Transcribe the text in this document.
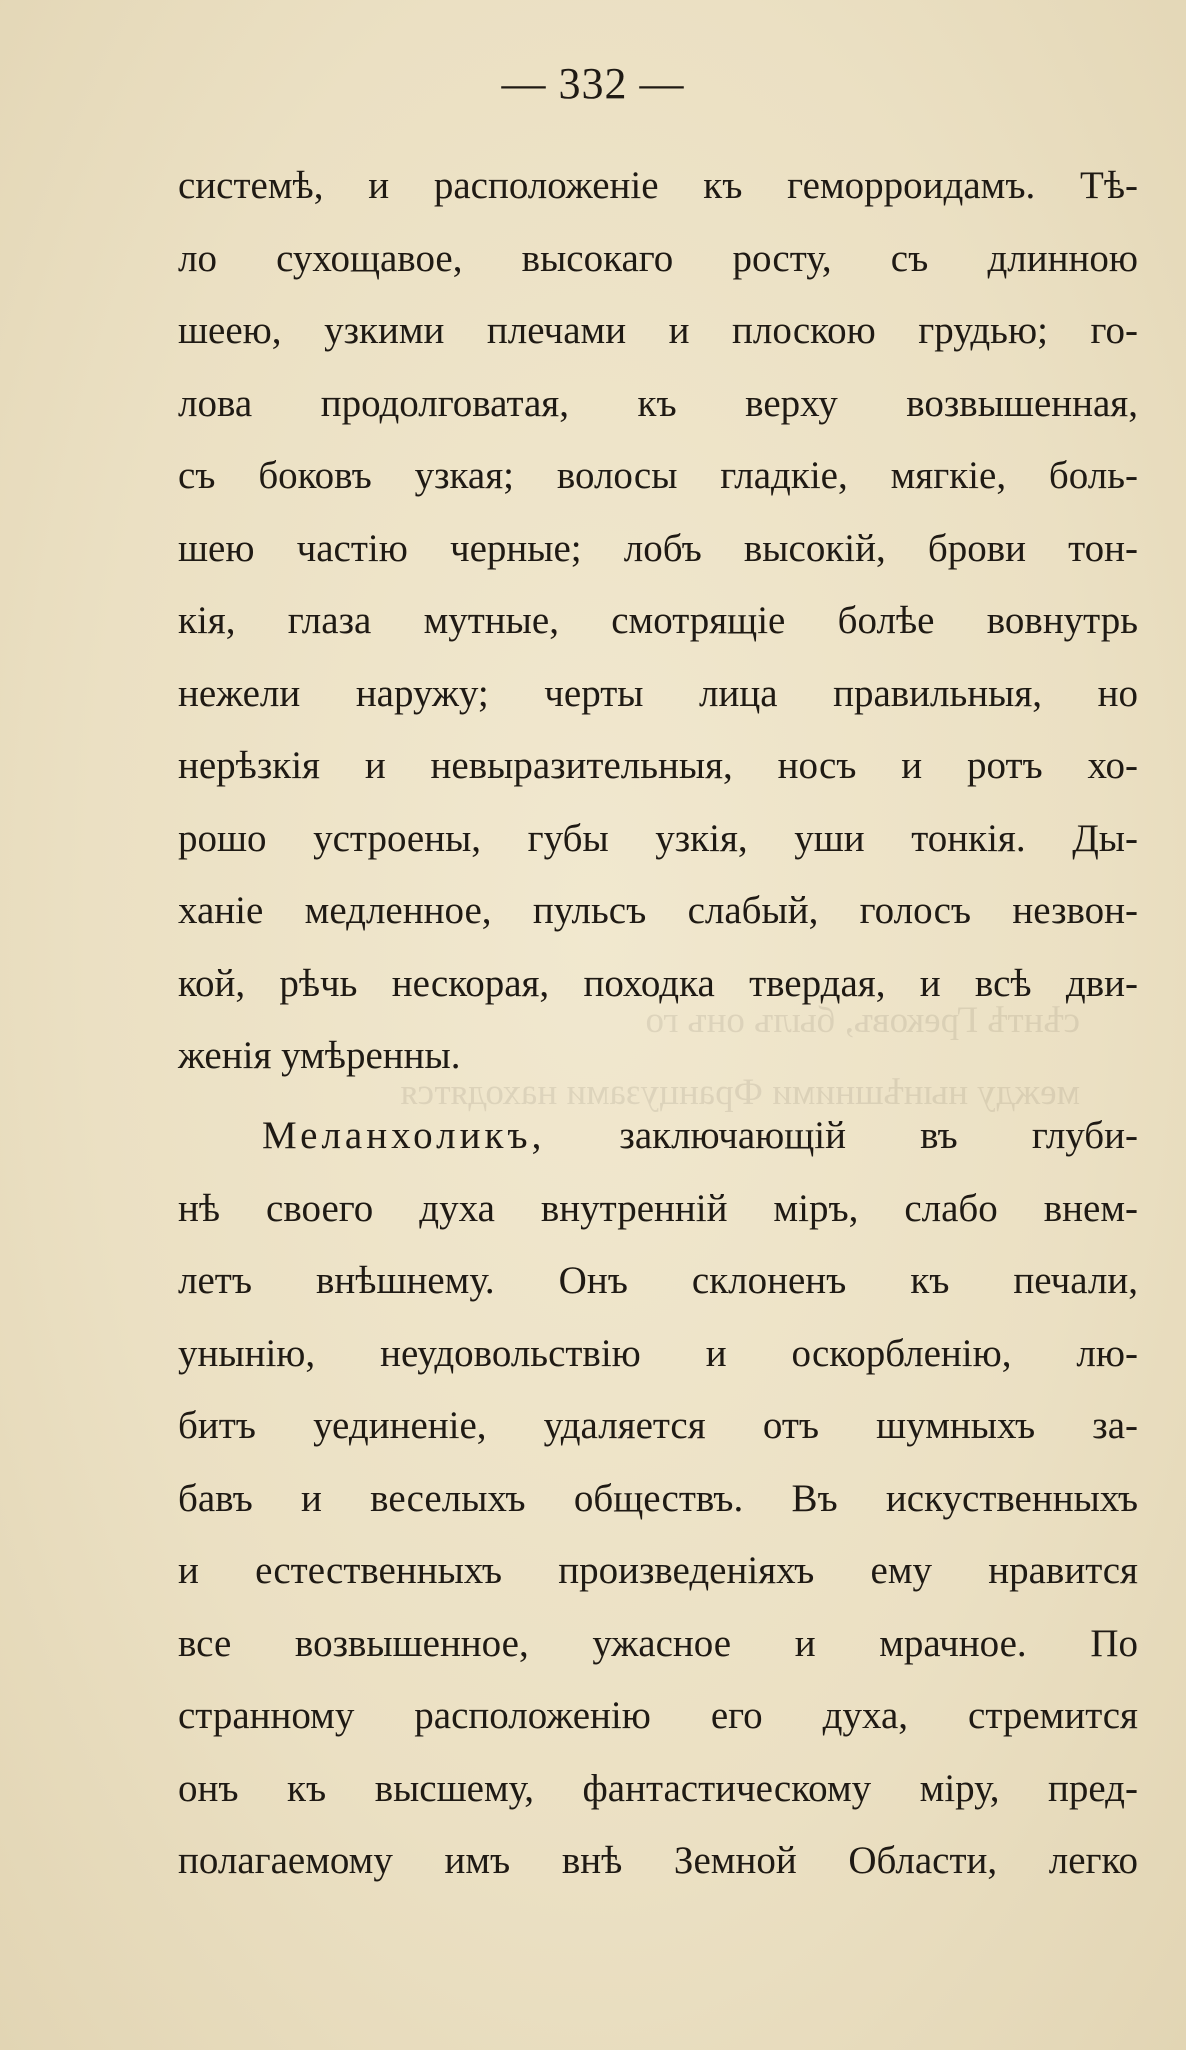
— 332 —
сѣнтѣ Грековъ, былъ онъ го
между нынѣшними Французами находятся
системѣ, и расположеніе къ геморроидамъ. Тѣ-
ло сухощавое, высокаго росту, съ длинною
шеею, узкими плечами и плоскою грудью; го-
лова продолговатая, къ верху возвышенная,
съ боковъ узкая; волосы гладкіе, мягкіе, боль-
шею частію черные; лобъ высокій, брови тон-
кія, глаза мутные, смотрящіе болѣе вовнутрь
нежели наружу; черты лица правильныя, но
нерѣзкія и невыразительныя, носъ и ротъ хо-
рошо устроены, губы узкія, уши тонкія. Ды-
ханіе медленное, пульсъ слабый, голосъ незвон-
кой, рѣчь нескорая, походка твердая, и всѣ дви-
женія умѣренны.
Меланхоликъ, заключающій въ глуби-
нѣ своего духа внутренній міръ, слабо внем-
летъ внѣшнему. Онъ склоненъ къ печали,
унынію, неудовольствію и оскорбленію, лю-
битъ уединеніе, удаляется отъ шумныхъ за-
бавъ и веселыхъ обществъ. Въ искуственныхъ
и естественныхъ произведеніяхъ ему нравится
все возвышенное, ужасное и мрачное. По
странному расположенію его духа, стремится
онъ къ высшему, фантастическому міру, пред-
полагаемому имъ внѣ Земной Области, легко
